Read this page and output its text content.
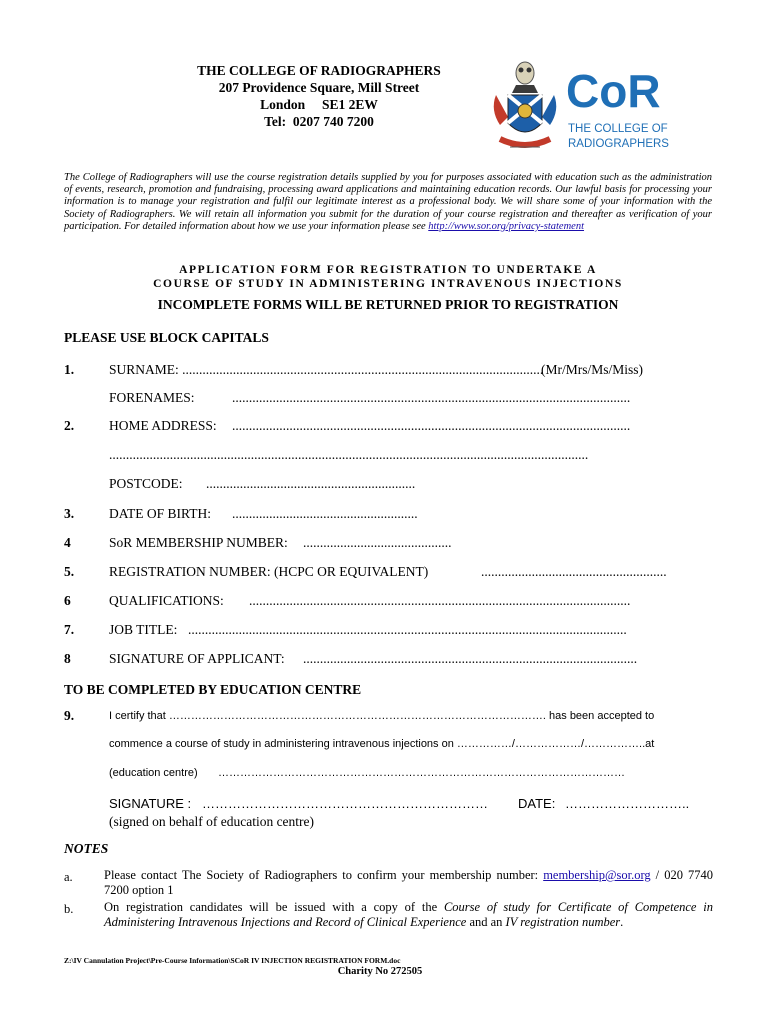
THE COLLEGE OF RADIOGRAPHERS
207 Providence Square, Mill Street
London     SE1 2EW
Tel:  0207 740 7200
CoR
THE COLLEGE OF
RADIOGRAPHERS
The College of Radiographers will use the course registration details supplied by you for purposes associated with education such as the administration of events, research, promotion and fundraising, processing award applications and maintaining education records. Our lawful basis for processing your information is to manage your registration and fulfil our legitimate interest as a professional body. We will share some of your information with the Society of Radiographers. We will retain all information you submit for the duration of your course registration and thereafter as verification of your participation. For detailed information about how we use your information please see http://www.sor.org/privacy-statement
APPLICATION FORM FOR REGISTRATION TO UNDERTAKE A
COURSE OF STUDY IN ADMINISTERING INTRAVENOUS INJECTIONS
INCOMPLETE FORMS WILL BE RETURNED PRIOR TO REGISTRATION
PLEASE USE BLOCK CAPITALS
1.	SURNAME: ...........................................................................................................
(Mr/Mrs/Ms/Miss)
FORENAMES:	......................................................................................................................
2.	HOME ADDRESS: ......................................................................................................................
..............................................................................................................................................
POSTCODE: ..............................................................
3.	DATE OF BIRTH: .......................................................
4	SoR MEMBERSHIP NUMBER: ............................................
5.	REGISTRATION NUMBER: (HCPC OR EQUIVALENT)	.......................................................
6	QUALIFICATIONS: .................................................................................................................
7.	JOB TITLE: ..................................................................................................................................
8	SIGNATURE OF APPLICANT: ...................................................................................................
TO BE COMPLETED BY EDUCATION CENTRE
9.	I certify that …………………………………………………………………………………………. has been accepted to
commence a course of study in administering intravenous injections on ……………/………………/……………..at
(education centre) …………………………………………………………………………………………………
SIGNATURE : ………………………………………………………… DATE: ………………………..
(signed on behalf of education centre)
NOTES
a.	Please contact The Society of Radiographers to confirm your membership number: membership@sor.org / 020 7740 7200 option 1
b. On registration candidates will be issued with a copy of the Course of study for Certificate of Competence in Administering Intravenous Injections and Record of Clinical Experience and an IV registration number.
Z:\IV Cannulation Project\Pre-Course Information\SCoR IV INJECTION REGISTRATION FORM.doc
Charity No 272505
